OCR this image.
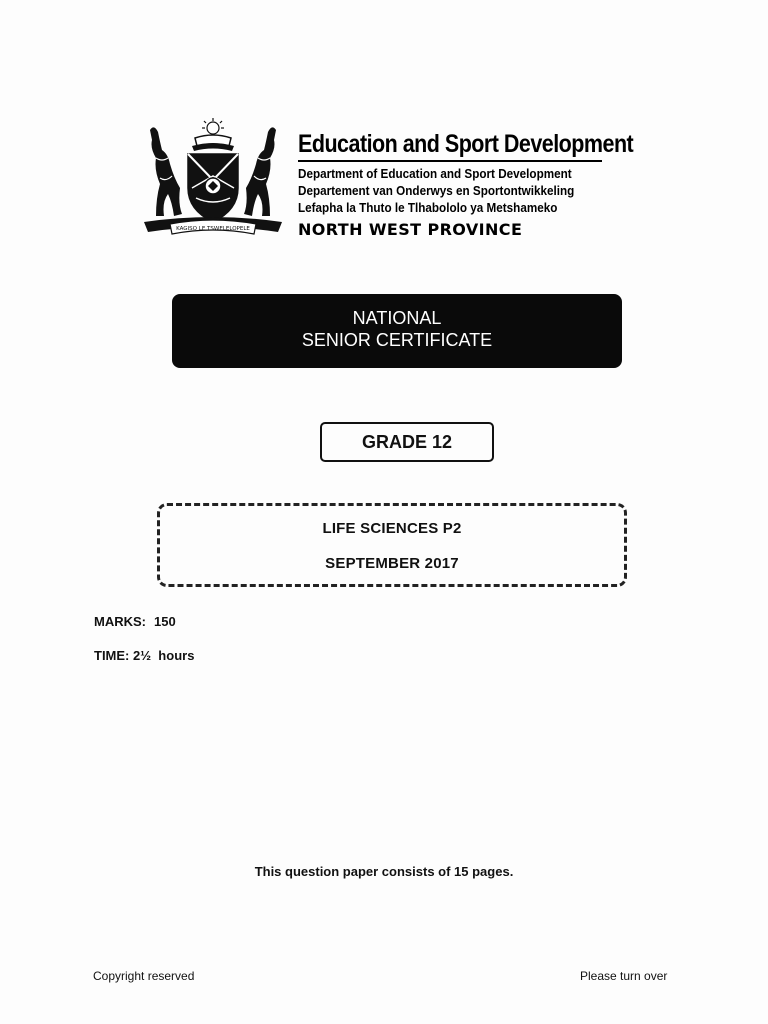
KAGISO LE TSWELELOPELE
Education and Sport Development
Department of Education and Sport Development
Departement van Onderwys en Sportontwikkeling
Lefapha la Thuto le Tlhabololo ya Metshameko
NORTH WEST PROVINCE
NATIONAL
SENIOR CERTIFICATE
GRADE 12
LIFE SCIENCES P2
SEPTEMBER 2017
MARKS: 150
TIME: 2½  hours
This question paper consists of 15 pages.
Copyright reserved	Please turn over
